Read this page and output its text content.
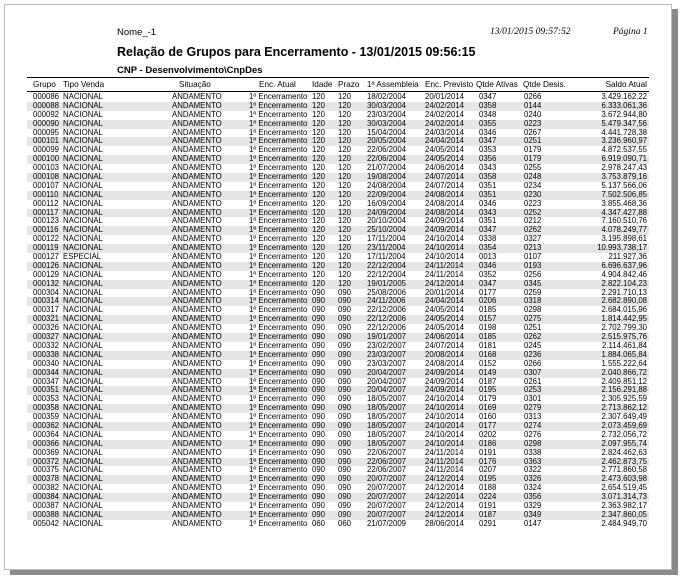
Nome_-1	13/01/2015 09:57:52	Página 1
Relação de Grupos para Encerramento - 13/01/2015 09:56:15
CNP - Desenvolvimento\CnpDes
Grupo Tipo Venda	Situação	Enc. Atual Idade Prazo 1ª Assembleia Enc. Previsto Qtde Ativas Qtde Desis.	Saldo Atual
000086 NACIONAL	ANDAMENTO	1º Encerramento 120 120 18/02/2004 20/01/2014 0347	0266	3.429.162,22
000088 NACIONAL	ANDAMENTO	1º Encerramento 120 120 30/03/2004 24/02/2014 0358	0144	6.333.061,36
000092 NACIONAL	ANDAMENTO	1º Encerramento 120 120 23/03/2004 24/02/2014 0348	0240	3.672.944,80
000090 NACIONAL	ANDAMENTO	1º Encerramento 120 120 30/03/2004 24/02/2014 0355	0223	5.479.347,56
000095 NACIONAL	ANDAMENTO	1º Encerramento 120 120 15/04/2004 24/03/2014 0346	0267	4.441.728,38
000101 NACIONAL	ANDAMENTO	1º Encerramento 120 120 20/05/2004 24/04/2014 0347	0251	3.236.960,97
000099 NACIONAL	ANDAMENTO	1º Encerramento 120 120 22/06/2004 24/05/2014 0353	0179	4.872.537,55
000100 NACIONAL	ANDAMENTO	1º Encerramento 120 120 22/06/2004 24/05/2014 0356	0179	6.919.090,71
000103 NACIONAL	ANDAMENTO	1º Encerramento 120 120 21/07/2004 24/06/2014 0343	0255	2.978.247,43
000108 NACIONAL	ANDAMENTO	1º Encerramento 120 120 19/08/2004 24/07/2014 0358	0248	3.753.879,16
000107 NACIONAL	ANDAMENTO	1º Encerramento 120 120 24/08/2004 24/07/2014 0351	0234	5.137.566,06
000110 NACIONAL	ANDAMENTO	1º Encerramento 120 120 22/09/2004 24/08/2014 0351	0230	7.502.506,85
000112 NACIONAL	ANDAMENTO	1º Encerramento 120 120 16/09/2004 24/08/2014 0346	0223	3.855.468,36
000117 NACIONAL	ANDAMENTO	1º Encerramento 120 120 24/09/2004 24/08/2014 0343	0252	4.347.427,88
000123 NACIONAL	ANDAMENTO	1º Encerramento 120 120 20/10/2004 24/09/2014 0351	0212	7.160.510,76
000116 NACIONAL	ANDAMENTO	1º Encerramento 120 120 25/10/2004 24/09/2014 0347	0262	4.078.249,77
000122 NACIONAL	ANDAMENTO	1º Encerramento 120 120 17/11/2004	24/10/2014 0338	0327	3.195.898,61
000119 NACIONAL	ANDAMENTO	1º Encerramento 120 120 23/11/2004	24/10/2014 0354	0213	10.993.738,17
000127 ESPECIAL	ANDAMENTO	1º Encerramento 120 120 17/11/2004	24/10/2014 0013	0107	211.927,36
000126 NACIONAL	ANDAMENTO	1º Encerramento 120 120 22/12/2004 24/11/2014 0346	0193	6.696.637,96
000129 NACIONAL	ANDAMENTO	1º Encerramento 120 120 22/12/2004 24/11/2014 0352	0256	4.904.842,46
000132 NACIONAL	ANDAMENTO	1º Encerramento 120 120 19/01/2005 24/12/2014 0347	0345	2.822.104,23
000304 NACIONAL	ANDAMENTO	1º Encerramento 090 090 25/08/2006 20/01/2014 0177	0259	2.291.710,13
000314 NACIONAL	ANDAMENTO	1º Encerramento 090 090 24/11/2006	24/04/2014 0206	0318	2.682.890,08
000317 NACIONAL	ANDAMENTO	1º Encerramento 090 090 22/12/2006 24/05/2014 0185	0298	2.684.015,96
000321 NACIONAL	ANDAMENTO	1º Encerramento 090 090 22/12/2006 24/05/2014 0157	0275	1.814.442,95
000326 NACIONAL	ANDAMENTO	1º Encerramento 090 090 22/12/2006 24/05/2014 0198	0251	2.702.799,30
000327 NACIONAL	ANDAMENTO	1º Encerramento 090 090 19/01/2007 24/06/2014 0185	0262	2.515.975,76
000332 NACIONAL	ANDAMENTO	1º Encerramento 090 090 23/02/2007 24/07/2014 0181	0245	2.114.461,84
000338 NACIONAL	ANDAMENTO	1º Encerramento 090 090 23/03/2007 20/08/2014 0168	0236	1.884.065,84
000340 NACIONAL	ANDAMENTO	1º Encerramento 090 090 23/03/2007 24/08/2014 0152	0266	1.555.222,64
000344 NACIONAL	ANDAMENTO	1º Encerramento 090 090 20/04/2007 24/09/2014 0149	0307	2.040.866,72
000347 NACIONAL	ANDAMENTO	1º Encerramento 090 090 20/04/2007 24/09/2014 0187	0261	2.409.851,12
000351 NACIONAL	ANDAMENTO	1º Encerramento 090 090 20/04/2007 24/09/2014 0195	0253	2.156.291,88
000353 NACIONAL	ANDAMENTO	1º Encerramento 090 090 18/05/2007 24/10/2014 0179	0301	2.305.925,59
000358 NACIONAL	ANDAMENTO	1º Encerramento 090 090 18/05/2007 24/10/2014 0169	0279	2.713.862,12
000359 NACIONAL	ANDAMENTO	1º Encerramento 090 090 18/05/2007 24/10/2014 0160	0313	2.307.649,49
000362 NACIONAL	ANDAMENTO	1º Encerramento 090 090 18/05/2007 24/10/2014 0177	0274	2.073.459,69
000364 NACIONAL	ANDAMENTO	1º Encerramento 090 090 18/05/2007 24/10/2014 0202	0276	2.732.056,72
000366 NACIONAL	ANDAMENTO	1º Encerramento 090 090 18/05/2007 24/10/2014 0186	0298	2.097.955,74
000369 NACIONAL	ANDAMENTO	1º Encerramento 090 090 22/06/2007 24/11/2014 0191	0338	2.824.462,63
000372 NACIONAL	ANDAMENTO	1º Encerramento 090 090 22/06/2007 24/11/2014 0176	0363	2.462.873,75
000375 NACIONAL	ANDAMENTO	1º Encerramento 090 090 22/06/2007 24/11/2014 0207	0322	2.771.860,58
000378 NACIONAL	ANDAMENTO	1º Encerramento 090 090 20/07/2007 24/12/2014 0195	0326	2.473.603,98
000382 NACIONAL	ANDAMENTO	1º Encerramento 090 090 20/07/2007 24/12/2014 0188	0324	2.654.519,45
000384 NACIONAL	ANDAMENTO	1º Encerramento 090 090 20/07/2007 24/12/2014 0224	0356	3.071.314,73
000387 NACIONAL	ANDAMENTO	1º Encerramento 090 090 20/07/2007 24/12/2014 0191	0329	2.363.982,17
000388 NACIONAL	ANDAMENTO	1º Encerramento 090 090 20/07/2007 24/12/2014 0187	0349	2.347.860,05
005042 NACIONAL	ANDAMENTO	1º Encerramento 060 060 21/07/2009 28/06/2014 0291	0147	2.484.949,70
